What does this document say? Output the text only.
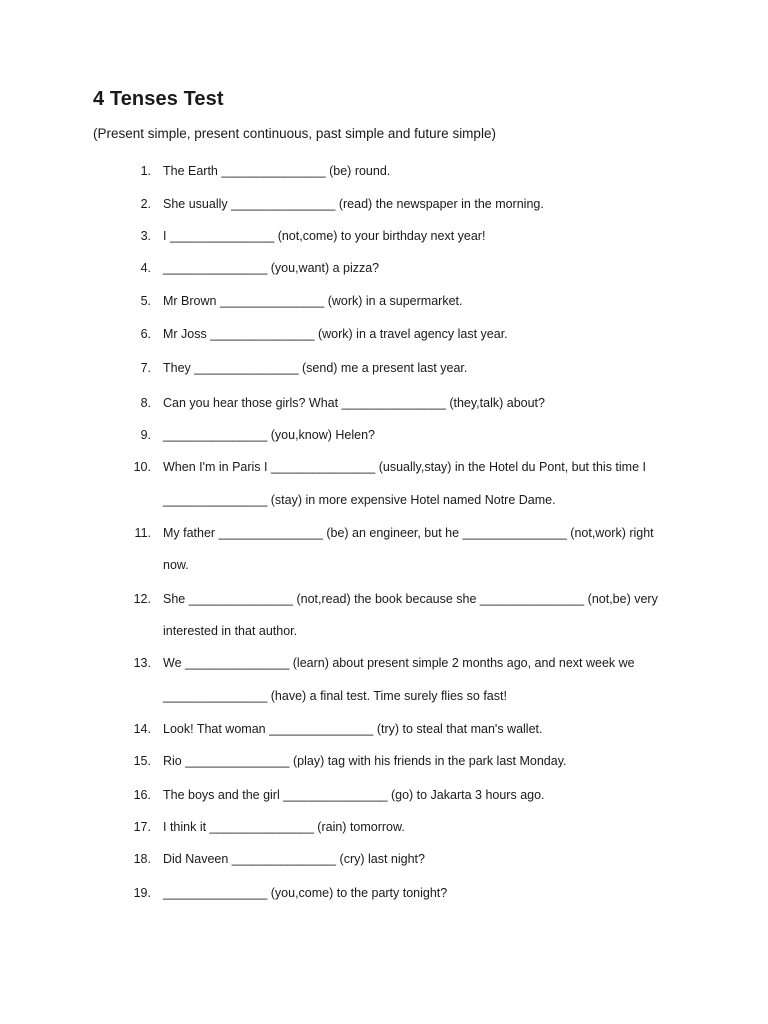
4 Tenses Test

(Present simple, present continuous, past simple and future simple)

1. The Earth _______________ (be) round.
2. She usually _______________ (read) the newspaper in the morning.
3. I _______________ (not,come) to your birthday next year!
4. _______________ (you,want) a pizza?
5. Mr Brown _______________ (work) in a supermarket.
6. Mr Joss _______________ (work) in a travel agency last year.
7. They _______________ (send) me a present last year.
8. Can you hear those girls? What _______________ (they,talk) about?
9. _______________ (you,know) Helen?
10. When I'm in Paris I _______________ (usually,stay) in the Hotel du Pont, but this time I
_______________ (stay) in more expensive Hotel named Notre Dame.
11. My father _______________ (be) an engineer, but he _______________ (not,work) right
now.
12. She _______________ (not,read) the book because she _______________ (not,be) very
interested in that author.
13. We _______________ (learn) about present simple 2 months ago, and next week we
_______________ (have) a final test. Time surely flies so fast!
14. Look! That woman _______________ (try) to steal that man's wallet.
15. Rio _______________ (play) tag with his friends in the park last Monday.
16. The boys and the girl _______________ (go) to Jakarta 3 hours ago.
17. I think it _______________ (rain) tomorrow.
18. Did Naveen _______________ (cry) last night?
19. _______________ (you,come) to the party tonight?
